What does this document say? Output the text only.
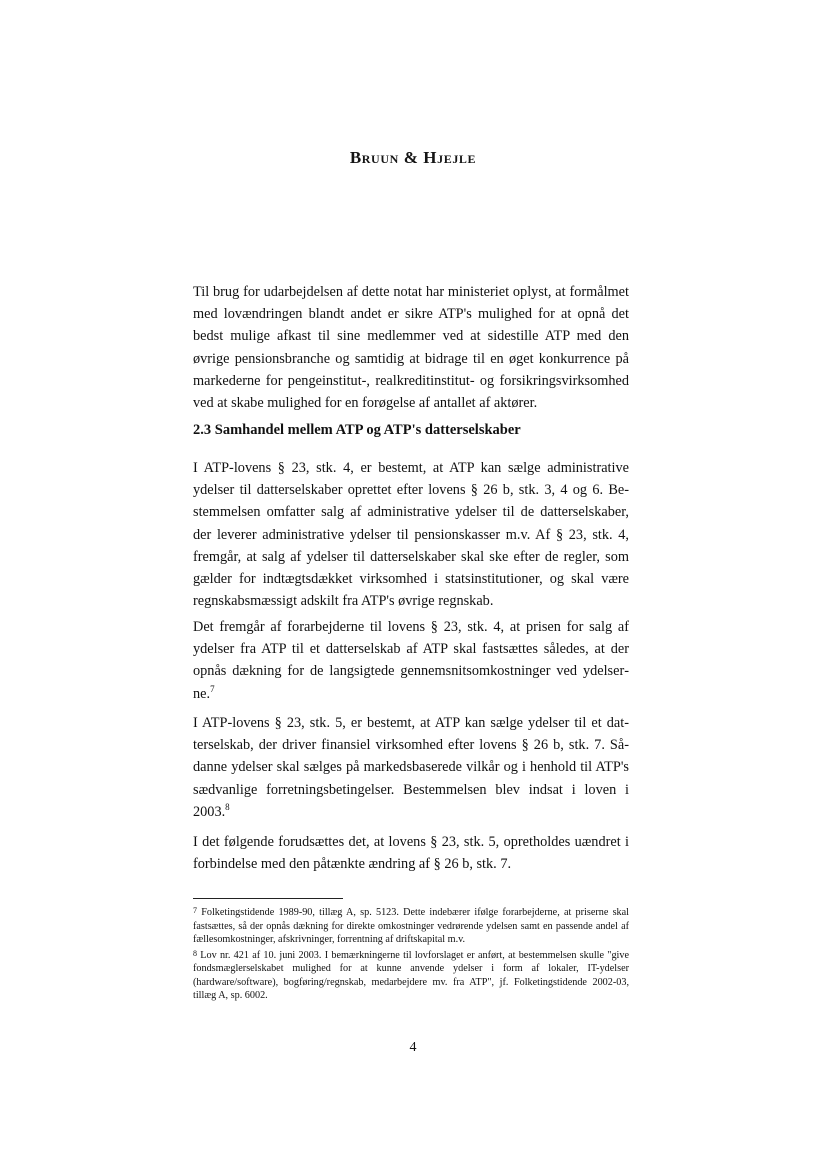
Bruun & Hjejle

Til brug for udarbejdelsen af dette notat har ministeriet oplyst, at formålmet med lovændringen blandt andet er sikre ATP's mulighed for at opnå det bedst mulige afkast til sine medlemmer ved at sidestille ATP med den øvrige pensionsbranche og samtidig at bidrage til en øget konkurrence på markederne for pengeinstitut-, realkreditinstitut- og forsikringsvirksomhed ved at skabe mulighed for en forøgelse af antallet af aktører.

2.3 Samhandel mellem ATP og ATP's datterselskaber

I ATP-lovens § 23, stk. 4, er bestemt, at ATP kan sælge administrative ydelser til datterselskaber oprettet efter lovens § 26 b, stk. 3, 4 og 6. Bestemmelsen omfatter salg af administrative ydelser til de datterselskaber, der leverer administrative ydelser til pensionskasser m.v. Af § 23, stk. 4, fremgår, at salg af ydelser til datterselskaber skal ske efter de regler, som gælder for indtægtsdækket virksomhed i statsinstitutioner, og skal være regnskabsmæssigt adskilt fra ATP's øvrige regnskab.

Det fremgår af forarbejderne til lovens § 23, stk. 4, at prisen for salg af ydelser fra ATP til et datterselskab af ATP skal fastsættes således, at der opnås dækning for de langsigtede gennemsnitsomkostninger ved ydelserne.$^7$

I ATP-lovens § 23, stk. 5, er bestemt, at ATP kan sælge ydelser til et datterselskab, der driver finansiel virksomhed efter lovens § 26 b, stk. 7. Sådanne ydelser skal sælges på markedsbaserede vilkår og i henhold til ATP's sædvanlige forretningsbetingelser. Bestemmelsen blev indsat i loven i 2003.$^8$

I det følgende forudsættes det, at lovens § 23, stk. 5, opretholdes uændret i forbindelse med den påtænkte ændring af § 26 b, stk. 7.

7 Folketingstidende 1989-90, tillæg A, sp. 5123. Dette indebærer ifølge forarbejderne, at priserne skal fastsættes, så der opnås dækning for direkte omkostninger vedrørende ydelsen samt en passende andel af fællesomkostninger, afskrivninger, forrentning af driftskapital m.v.

8 Lov nr. 421 af 10. juni 2003. I bemærkningerne til lovforslaget er anført, at bestemmelsen skulle "give fondsmæglerselskabet mulighed for at kunne anvende ydelser i form af lokaler, IT-ydelser (hardware/software), bogføring/regnskab, medarbejdere mv. fra ATP", jf. Folketingstidende 2002-03, tillæg A, sp. 6002.

4
